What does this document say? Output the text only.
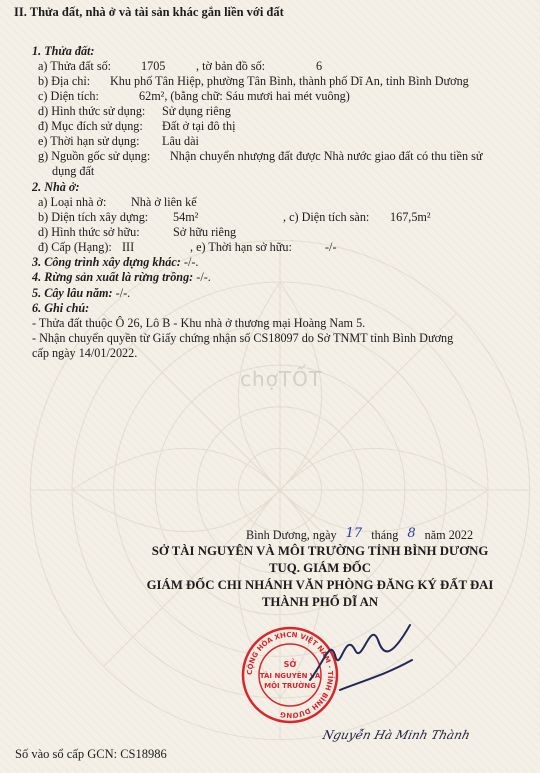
II. Thửa đất, nhà ở và tài sản khác gắn liền với đất
1. Thửa đất:
a) Thửa đất số: 1705	, tờ bản đồ số:	6
b) Địa chỉ: Khu phố Tân Hiệp, phường Tân Bình, thành phố Dĩ An, tỉnh Bình Dương
c) Diện tích:	62m², (bằng chữ: Sáu mươi hai mét vuông)
d) Hình thức sử dụng: Sử dụng riêng
đ) Mục đích sử dụng: Đất ở tại đô thị
e) Thời hạn sử dụng: Lâu dài
g) Nguồn gốc sử dụng: Nhận chuyển nhượng đất được Nhà nước giao đất có thu tiền sử
dụng đất
2. Nhà ở:
a) Loại nhà ở: Nhà ở liên kế
b) Diện tích xây dựng: 54m²	, c) Diện tích sàn: 167,5m²
d) Hình thức sở hữu:	Sở hữu riêng
đ) Cấp (Hạng): III	, e) Thời hạn sở hữu:	-/-
3. Công trình xây dựng khác: -/-.
4. Rừng sản xuất là rừng trồng: -/-.
5. Cây lâu năm: -/-.
6. Ghi chú:
- Thửa đất thuộc Ô 26, Lô B - Khu nhà ở thương mại Hoàng Nam 5.
- Nhận chuyển quyền từ Giấy chứng nhận số CS18097 do Sở TNMT tỉnh Bình Dương
cấp ngày 14/01/2022.
chợTỐT
Bình Dương, ngày 17 tháng 8 năm 2022
SỞ TÀI NGUYÊN VÀ MÔI TRƯỜNG TỈNH BÌNH DƯƠNG
TUQ. GIÁM ĐỐC
GIÁM ĐỐC CHI NHÁNH VĂN PHÒNG ĐĂNG KÝ ĐẤT ĐAI
THÀNH PHỐ DĨ AN
CỘNG HÒA XHCN VIỆT NAM · TỈNH BÌNH DƯƠNG
SỞ
TÀI NGUYÊN VÀ
MÔI TRƯỜNG
Nguyễn Hà Minh Thành
Số vào sổ cấp GCN: CS18986
